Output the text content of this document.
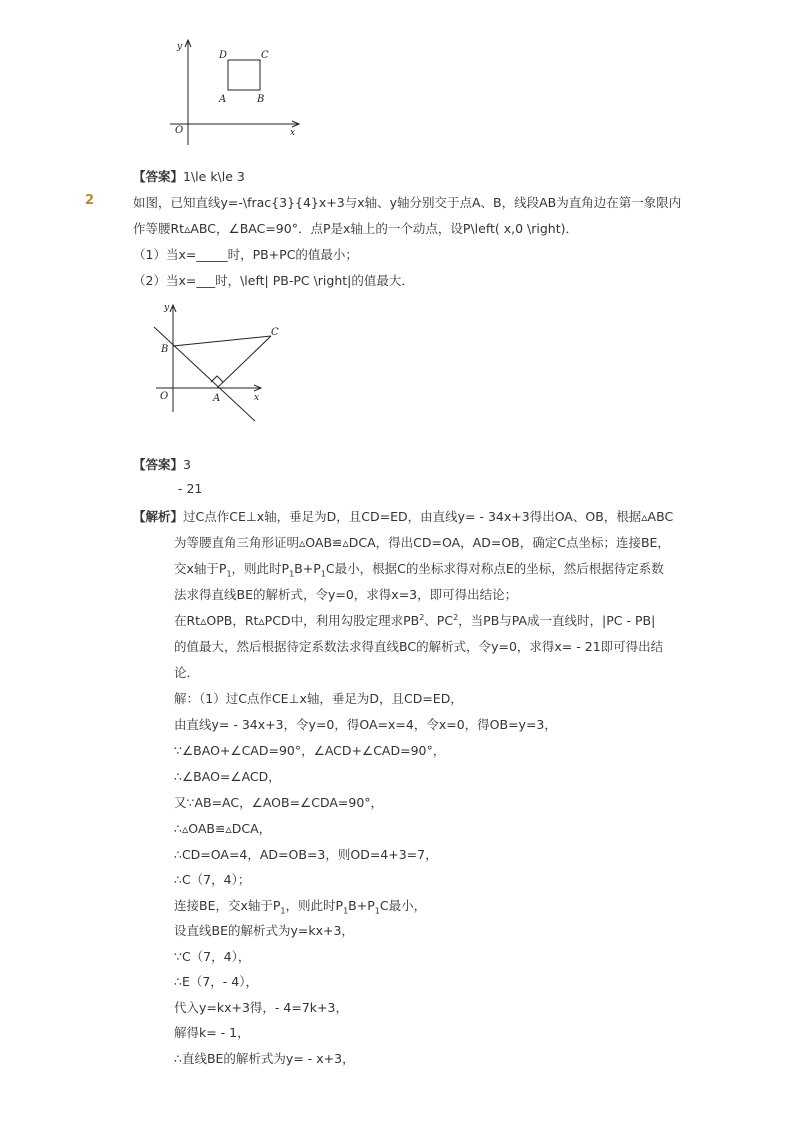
y
x
O
D	C
A	B
【答案】1\le k\le 3
2	如图，已知直线y=-\frac{3}{4}x+3与x轴、y轴分别交于点A、B，线段AB为直角边在第一象限内
作等腰Rt▵ABC，∠BAC=90°．点P是x轴上的一个动点，设P\left( x,0 \right)．
（1）当x=_____时，PB+PC的值最小；
（2）当x=___时，\left| PB-PC \right|的值最大．
y
x
O	A
B
C
【答案】3
- 21
【解析】过C点作CE⊥x轴，垂足为D，且CD=ED，由直线y= - 34x+3得出OA、OB，根据▵ABC
为等腰直角三角形证明▵OAB≌▵DCA，得出CD=OA，AD=OB，确定C点坐标；连接BE，
交x轴于$P_1$，则此时$P_1B+P_1C$最小，根据C的坐标求得对称点E的坐标，然后根据待定系数
法求得直线BE的解析式，令y=0，求得x=3，即可得出结论；
在Rt▵OPB，Rt▵PCD中，利用勾股定理求$PB^2$、$PC^2$，当PB与PA成一直线时，|PC - PB|
的值最大，然后根据待定系数法求得直线BC的解析式，令y=0，求得x= - 21即可得出结
论．
解：（1）过C点作CE⊥x轴，垂足为D，且CD=ED，
由直线y= - 34x+3，令y=0，得OA=x=4，令x=0，得OB=y=3，
∵∠BAO+∠CAD=90°，∠ACD+∠CAD=90°，
∴∠BAO=∠ACD，
又∵AB=AC，∠AOB=∠CDA=90°，
∴▵OAB≌▵DCA，
∴CD=OA=4，AD=OB=3，则OD=4+3=7，
∴C（7，4）；
连接BE，交x轴于$P_1$，则此时$P_1B+P_1C$最小，
设直线BE的解析式为y=kx+3，
∵C（7，4），
∴E（7，- 4），
代入y=kx+3得，- 4=7k+3，
解得k= - 1，
∴直线BE的解析式为y= - x+3，
